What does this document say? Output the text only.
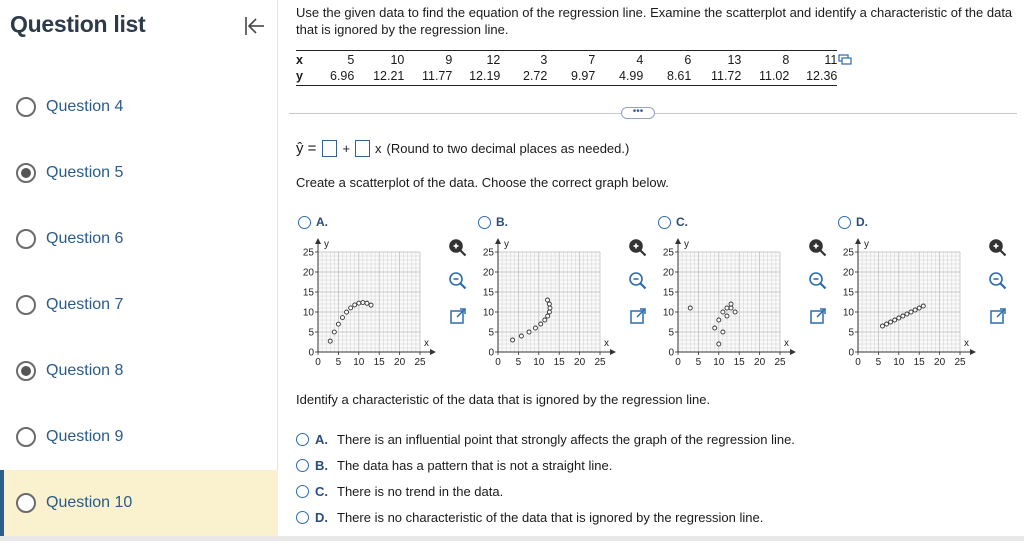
Question list
Question 4
Question 5
Question 6
Question 7
Question 8
Question 9
Question 10
Use the given data to find the equation of the regression line. Examine the scatterplot and identify a characteristic of the data that is ignored by the regression line.
x	5	10	9	12	3	7	4	6	13	8	11
y	6.96	12.21	11.77	12.19	2.72	9.97	4.99	8.61	11.72	11.02	12.36
•••
ŷ = + x (Round to two decimal places as needed.)
Create a scatterplot of the data. Choose the correct graph below.
A.
y
x
0 5 10 15 20 25
0
5
10
15
20
25
B.
y
x
0 5 10 15 20 25
0
5
10
15
20
25
C.
y
x
0 5 10 15 20 25
0
5
10
15
20
25
D.
y
x
0 5 10 15 20 25
0
5
10
15
20
25
Identify a characteristic of the data that is ignored by the regression line.
A. There is an influential point that strongly affects the graph of the regression line.
B. The data has a pattern that is not a straight line.
C. There is no trend in the data.
D. There is no characteristic of the data that is ignored by the regression line.
